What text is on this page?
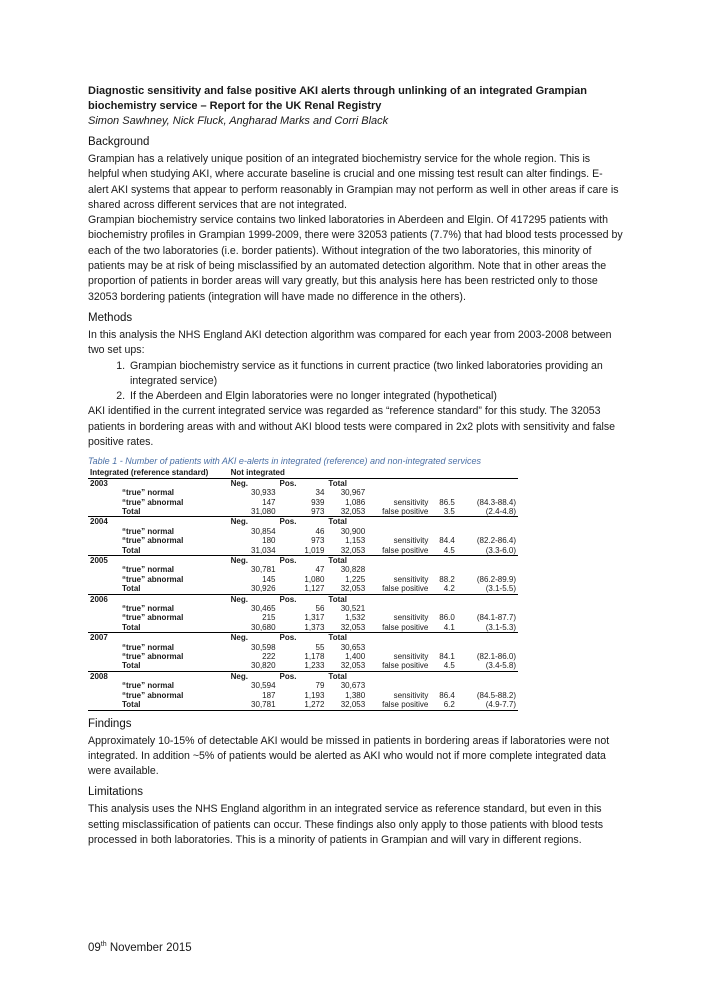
Diagnostic sensitivity and false positive AKI alerts through unlinking of an integrated Grampian biochemistry service – Report for the UK Renal Registry

Simon Sawhney, Nick Fluck, Angharad Marks and Corri Black

Background

Grampian has a relatively unique position of an integrated biochemistry service for the whole region. This is helpful when studying AKI, where accurate baseline is crucial and one missing test result can alter findings. E-alert AKI systems that appear to perform reasonably in Grampian may not perform as well in other areas if care is shared across different services that are not integrated.

Grampian biochemistry service contains two linked laboratories in Aberdeen and Elgin. Of 417295 patients with biochemistry profiles in Grampian 1999-2009, there were 32053 patients (7.7%) that had blood tests processed by each of the two laboratories (i.e. border patients). Without integration of the two laboratories, this minority of patients may be at risk of being misclassified by an automated detection algorithm. Note that in other areas the proportion of patients in border areas will vary greatly, but this analysis here has been restricted only to those 32053 bordering patients (integration will have made no difference in the others).

Methods

In this analysis the NHS England AKI detection algorithm was compared for each year from 2003-2008 between two set ups:

1. Grampian biochemistry service as it functions in current practice (two linked laboratories providing an integrated service)
2. If the Aberdeen and Elgin laboratories were no longer integrated (hypothetical)

AKI identified in the current integrated service was regarded as “reference standard” for this study. The 32053 patients in bordering areas with and without AKI blood tests were compared in 2x2 plots with sensitivity and false positive rates.

Table 1 - Number of patients with AKI e-alerts in integrated (reference) and non-integrated services
Integrated (reference standard)	Not integrated					
2003	Neg.	Pos.	Total			
“true” normal	30,933	34	30,967			
“true” abnormal	147	939	1,086	sensitivity	86.5	(84.3-88.4)
Total	31,080	973	32,053	false positive	3.5	(2.4-4.8)
2004	Neg.	Pos.	Total			
“true” normal	30,854	46	30,900			
“true” abnormal	180	973	1,153	sensitivity	84.4	(82.2-86.4)
Total	31,034	1,019	32,053	false positive	4.5	(3.3-6.0)
2005	Neg.	Pos.	Total			
“true” normal	30,781	47	30,828			
“true” abnormal	145	1,080	1,225	sensitivity	88.2	(86.2-89.9)
Total	30,926	1,127	32,053	false positive	4.2	(3.1-5.5)
2006	Neg.	Pos.	Total			
“true” normal	30,465	56	30,521			
“true” abnormal	215	1,317	1,532	sensitivity	86.0	(84.1-87.7)
Total	30,680	1,373	32,053	false positive	4.1	(3.1-5.3)
2007	Neg.	Pos.	Total			
“true” normal	30,598	55	30,653			
“true” abnormal	222	1,178	1,400	sensitivity	84.1	(82.1-86.0)
Total	30,820	1,233	32,053	false positive	4.5	(3.4-5.8)
2008	Neg.	Pos.	Total			
“true” normal	30,594	79	30,673			
“true” abnormal	187	1,193	1,380	sensitivity	86.4	(84.5-88.2)
Total	30,781	1,272	32,053	false positive	6.2	(4.9-7.7)
Findings

Approximately 10-15% of detectable AKI would be missed in patients in bordering areas if laboratories were not integrated. In addition ~5% of patients would be alerted as AKI who would not if more complete integrated data were available.

Limitations

This analysis uses the NHS England algorithm in an integrated service as reference standard, but even in this setting misclassification of patients can occur. These findings also only apply to those patients with blood tests processed in both laboratories. This is a minority of patients in Grampian and will vary in different regions.

09th November 2015
